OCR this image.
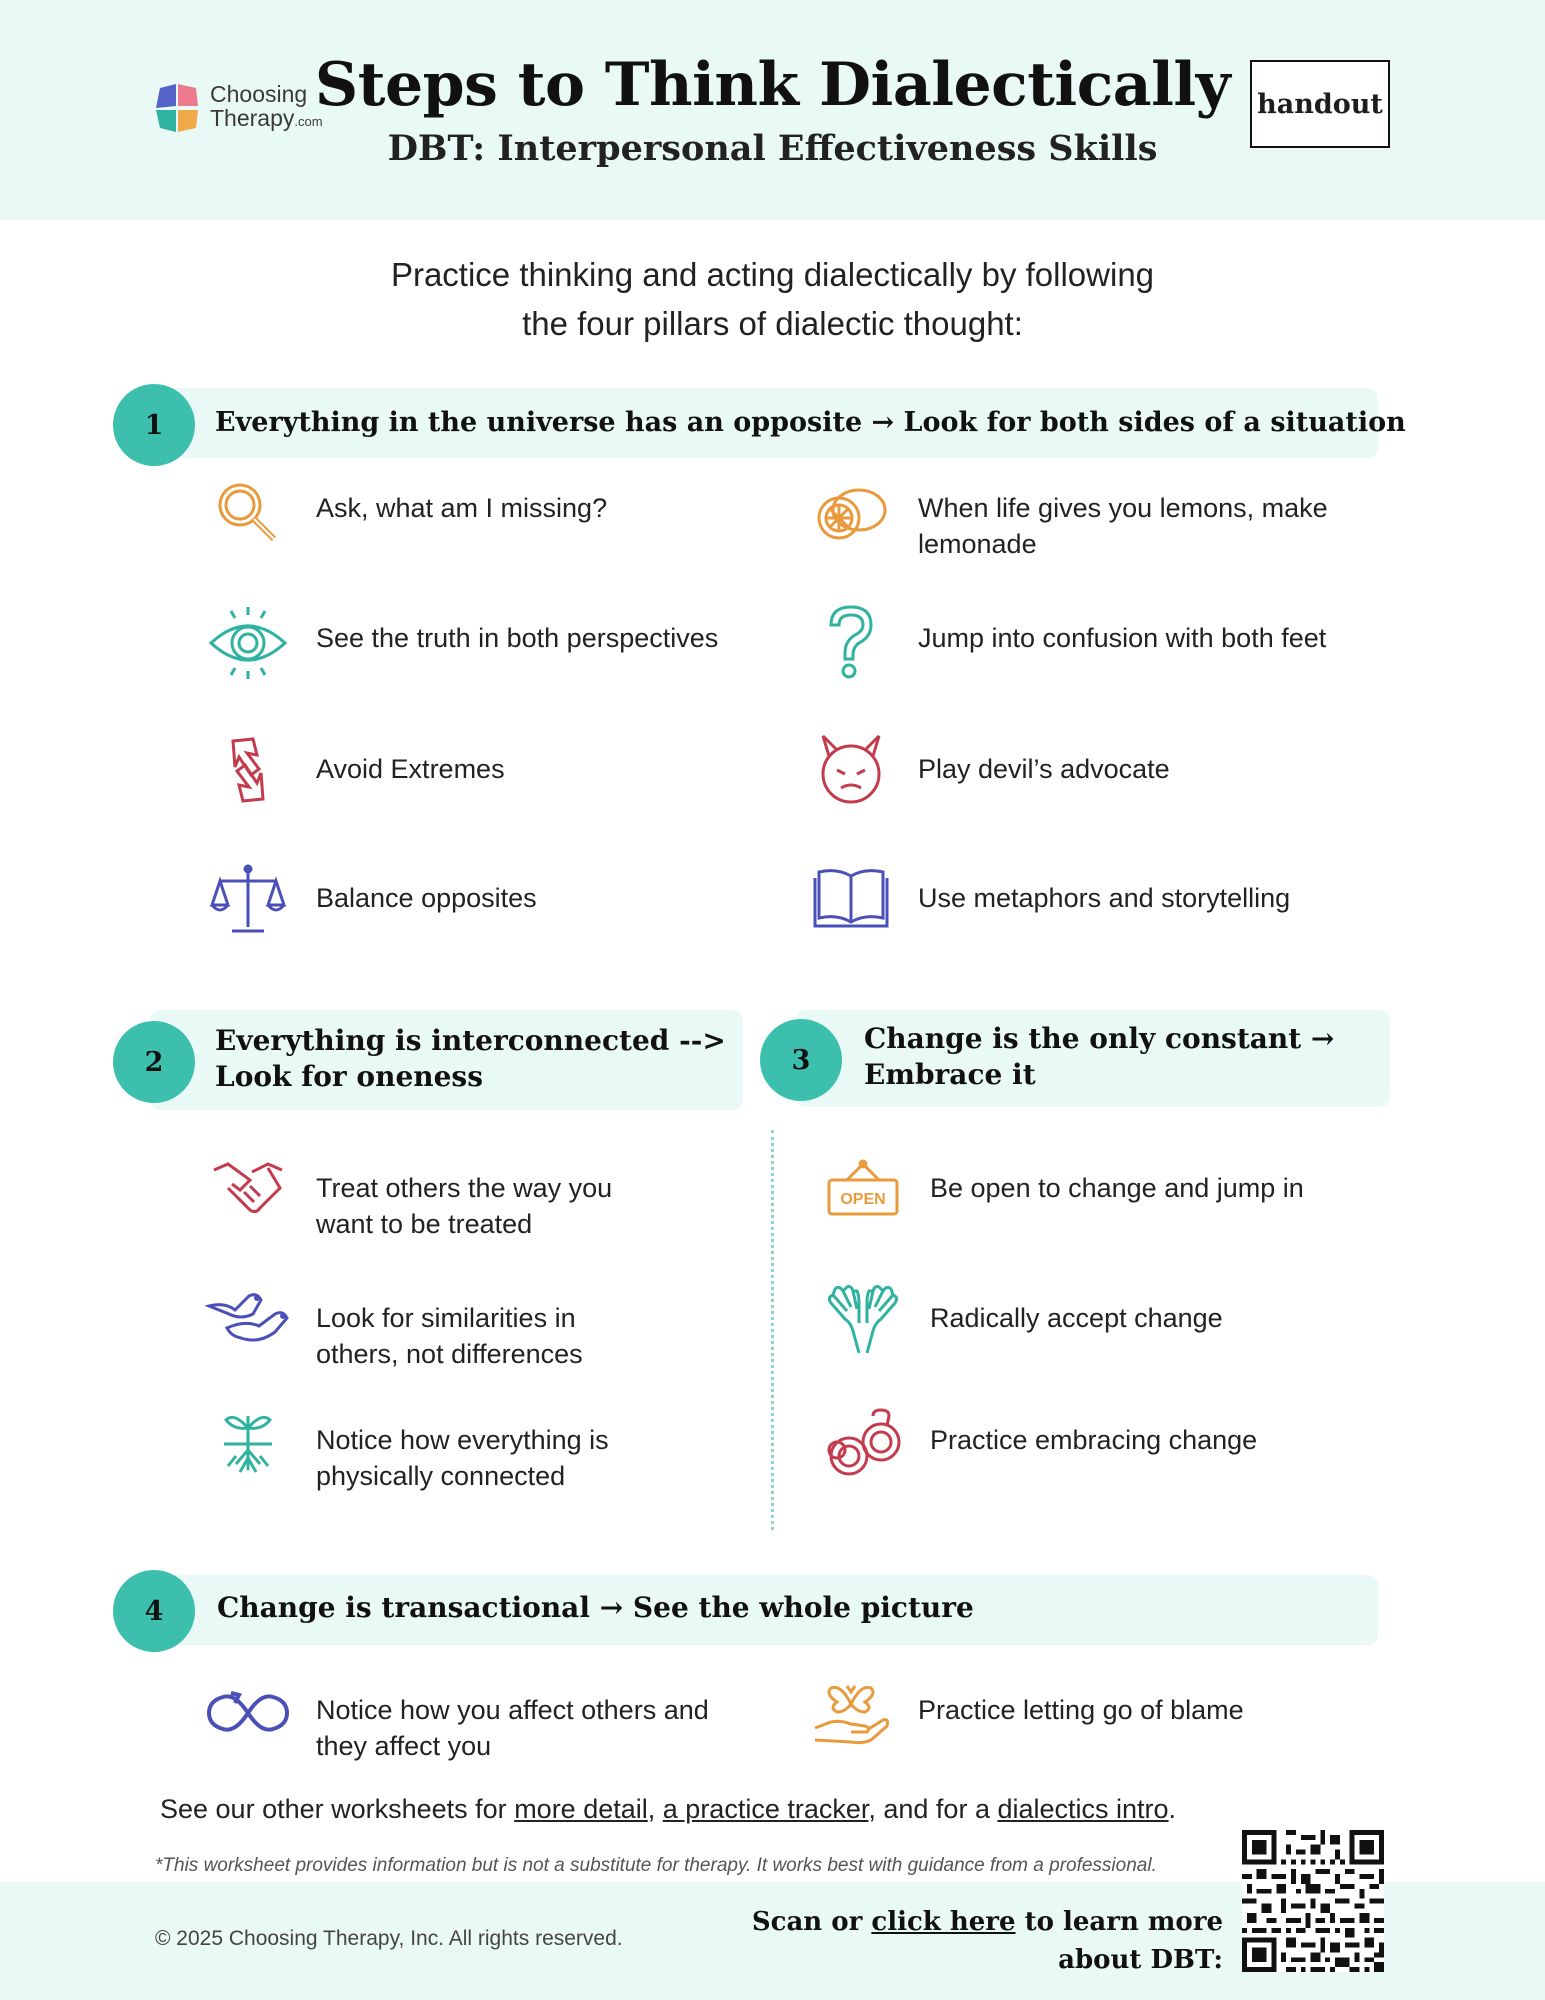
Choosing
Therapy.com
Steps to Think Dialectically
DBT: Interpersonal Effectiveness Skills
handout
Practice thinking and acting dialectically by following
the four pillars of dialectic thought:
1	Everything in the universe has an opposite → Look for both sides of a situation
Ask, what am I missing?	When life gives you lemons, make
lemonade
See the truth in both perspectives	Jump into confusion with both feet
Avoid Extremes	Play devil’s advocate
Balance opposites	Use metaphors and storytelling
2
Everything is interconnected -->
Look for oneness	3
Change is the only constant →
Embrace it
Treat others the way you
want to be treated
Look for similarities in
others, not differences
Notice how everything is
physically connected
OPEN Be open to change and jump in
Radically accept change
Practice embracing change
4	Change is transactional → See the whole picture
Notice how you affect others and
they affect you
Practice letting go of blame
See our other worksheets for more detail, a practice tracker, and for a dialectics intro.
*This worksheet provides information but is not a substitute for therapy. It works best with guidance from a professional.
© 2025 Choosing Therapy, Inc. All rights reserved.
Scan or click here to learn more
about DBT:
